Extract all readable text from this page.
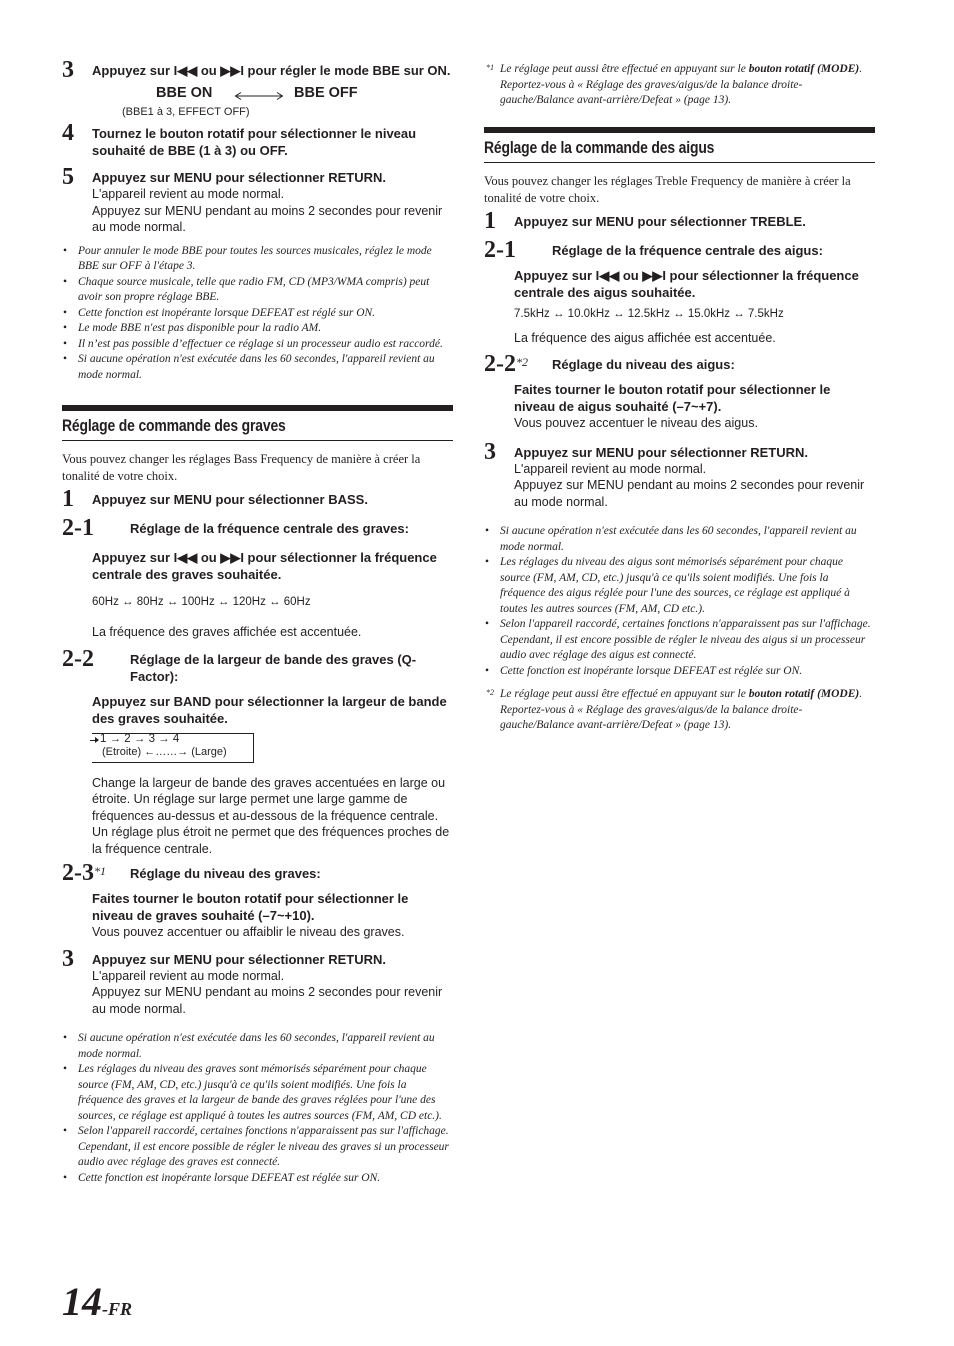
3 Appuyez sur I◀◀ ou ▶▶I pour régler le mode BBE sur ON.
BBE ON	BBE OFF
(BBE1 à 3, EFFECT OFF)
4 Tournez le bouton rotatif pour sélectionner le niveau souhaité de BBE (1 à 3) ou OFF.
5 Appuyez sur MENU pour sélectionner RETURN.
L'appareil revient au mode normal.
Appuyez sur MENU pendant au moins 2 secondes pour revenir au mode normal.
• Pour annuler le mode BBE pour toutes les sources musicales, réglez le mode BBE sur OFF à l'étape 3.
• Chaque source musicale, telle que radio FM, CD (MP3/WMA compris) peut avoir son propre réglage BBE.
• Cette fonction est inopérante lorsque DEFEAT est réglé sur ON.
• Le mode BBE n'est pas disponible pour la radio AM.
• Il n’est pas possible d’effectuer ce réglage si un processeur audio est raccordé.
• Si aucune opération n'est exécutée dans les 60 secondes, l'appareil revient au mode normal.
Réglage de commande des graves
Vous pouvez changer les réglages Bass Frequency de manière à créer la tonalité de votre choix.
1 Appuyez sur MENU pour sélectionner BASS.
2-1	Réglage de la fréquence centrale des graves:
Appuyez sur I◀◀ ou ▶▶I pour sélectionner la fréquence centrale des graves souhaitée.
60Hz ↔ 80Hz ↔ 100Hz ↔ 120Hz ↔ 60Hz
La fréquence des graves affichée est accentuée.
2-2	Réglage de la largeur de bande des graves (Q-Factor):
Appuyez sur BAND pour sélectionner la largeur de bande des graves souhaitée.
1 → 2 → 3 → 4
(Etroite) ←……→ (Large)
Change la largeur de bande des graves accentuées en large ou étroite. Un réglage sur large permet une large gamme de fréquences au-dessus et au-dessous de la fréquence centrale. Un réglage plus étroit ne permet que des fréquences proches de la fréquence centrale.
2-3$^{*1}$ Réglage du niveau des graves:
Faites tourner le bouton rotatif pour sélectionner le niveau de graves souhaité (–7~+10).
Vous pouvez accentuer ou affaiblir le niveau des graves.
3 Appuyez sur MENU pour sélectionner RETURN.
L'appareil revient au mode normal.
Appuyez sur MENU pendant au moins 2 secondes pour revenir au mode normal.
• Si aucune opération n'est exécutée dans les 60 secondes, l'appareil revient au mode normal.
• Les réglages du niveau des graves sont mémorisés séparément pour chaque source (FM, AM, CD, etc.) jusqu'à ce qu'ils soient modifiés. Une fois la fréquence des graves et la largeur de bande des graves réglées pour l'une des sources, ce réglage est appliqué à toutes les autres sources (FM, AM, CD etc.).
• Selon l'appareil raccordé, certaines fonctions n'apparaissent pas sur l'affichage. Cependant, il est encore possible de régler le niveau des graves si un processeur audio avec réglage des graves est connecté.
• Cette fonction est inopérante lorsque DEFEAT est réglée sur ON.
*1 Le réglage peut aussi être effectué en appuyant sur le bouton rotatif (MODE). Reportez-vous à « Réglage des graves/aigus/de la balance droite-gauche/Balance avant-arrière/Defeat » (page 13).
Réglage de la commande des aigus
Vous pouvez changer les réglages Treble Frequency de manière à créer la tonalité de votre choix.
1 Appuyez sur MENU pour sélectionner TREBLE.
2-1	Réglage de la fréquence centrale des aigus:
Appuyez sur I◀◀ ou ▶▶I pour sélectionner la fréquence centrale des aigus souhaitée.
7.5kHz ↔ 10.0kHz ↔ 12.5kHz ↔ 15.0kHz ↔ 7.5kHz
La fréquence des aigus affichée est accentuée.
2-2$^{*2}$ Réglage du niveau des aigus:
Faites tourner le bouton rotatif pour sélectionner le niveau de aigus souhaité (–7~+7).
Vous pouvez accentuer le niveau des aigus.
3 Appuyez sur MENU pour sélectionner RETURN.
L'appareil revient au mode normal.
Appuyez sur MENU pendant au moins 2 secondes pour revenir au mode normal.
• Si aucune opération n'est exécutée dans les 60 secondes, l'appareil revient au mode normal.
• Les réglages du niveau des aigus sont mémorisés séparément pour chaque source (FM, AM, CD, etc.) jusqu'à ce qu'ils soient modifiés. Une fois la fréquence des aigus réglée pour l'une des sources, ce réglage est appliqué à toutes les autres sources (FM, AM, CD etc.).
• Selon l'appareil raccordé, certaines fonctions n'apparaissent pas sur l'affichage. Cependant, il est encore possible de régler le niveau des aigus si un processeur audio avec réglage des aigus est connecté.
• Cette fonction est inopérante lorsque DEFEAT est réglée sur ON.
*2 Le réglage peut aussi être effectué en appuyant sur le bouton rotatif (MODE). Reportez-vous à « Réglage des graves/aigus/de la balance droite-gauche/Balance avant-arrière/Defeat » (page 13).
14-FR
